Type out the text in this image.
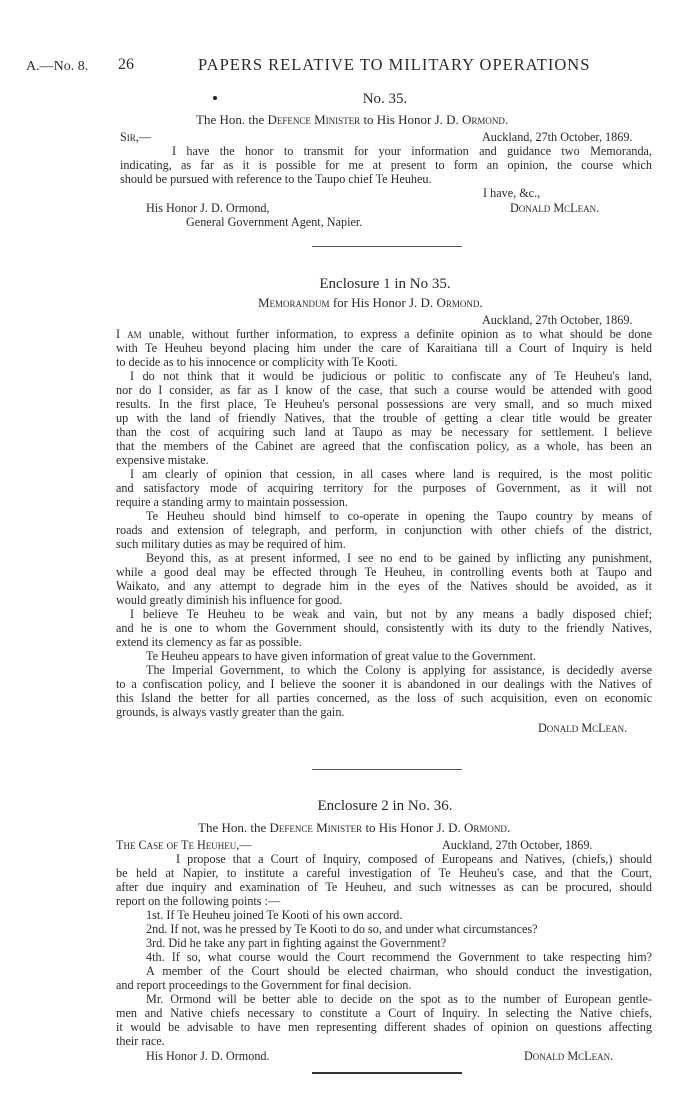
A.—No. 8. 26	PAPERS RELATIVE TO MILITARY OPERATIONS
No. 35.
The Hon. the Defence Minister to His Honor J. D. Ormond.
Sir,—	Auckland, 27th October, 1869.
I have the honor to transmit for your information and guidance two Memoranda,
indicating, as far as it is possible for me at present to form an opinion, the course which
should be pursued with reference to the Taupo chief Te Heuheu.
I have, &c.,
His Honor J. D. Ormond,	Donald McLean.
General Government Agent, Napier.
Enclosure 1 in No 35.
Memorandum for His Honor J. D. Ormond.
Auckland, 27th October, 1869.
I am unable, without further information, to express a definite opinion as to what should be done
with Te Heuheu beyond placing him under the care of Karaitiana till a Court of Inquiry is held
to decide as to his innocence or complicity with Te Kooti.
I do not think that it would be judicious or politic to confiscate any of Te Heuheu's land,
nor do I consider, as far as I know of the case, that such a course would be attended with good
results. In the first place, Te Heuheu's personal possessions are very small, and so much mixed
up with the land of friendly Natives, that the trouble of getting a clear title would be greater
than the cost of acquiring such land at Taupo as may be necessary for settlement. I believe
that the members of the Cabinet are agreed that the confiscation policy, as a whole, has been an
expensive mistake.
I am clearly of opinion that cession, in all cases where land is required, is the most politic
and satisfactory mode of acquiring territory for the purposes of Government, as it will not
require a standing army to maintain possession.
Te Heuheu should bind himself to co-operate in opening the Taupo country by means of
roads and extension of telegraph, and perform, in conjunction with other chiefs of the district,
such military duties as may be required of him.
Beyond this, as at present informed, I see no end to be gained by inflicting any punishment,
while a good deal may be effected through Te Heuheu, in controlling events both at Taupo and
Waikato, and any attempt to degrade him in the eyes of the Natives should be avoided, as it
would greatly diminish his influence for good.
I believe Te Heuheu to be weak and vain, but not by any means a badly disposed chief;
and he is one to whom the Government should, consistently with its duty to the friendly Natives,
extend its clemency as far as possible.
Te Heuheu appears to have given information of great value to the Government.
The Imperial Government, to which the Colony is applying for assistance, is decidedly averse
to a confiscation policy, and I believe the sooner it is abandoned in our dealings with the Natives of
this Island the better for all parties concerned, as the loss of such acquisition, even on economic
grounds, is always vastly greater than the gain.
Donald McLean.
Enclosure 2 in No. 36.
The Hon. the Defence Minister to His Honor J. D. Ormond.
The Case of Te Heuheu,—	Auckland, 27th October, 1869.
I propose that a Court of Inquiry, composed of Europeans and Natives, (chiefs,) should
be held at Napier, to institute a careful investigation of Te Heuheu's case, and that the Court,
after due inquiry and examination of Te Heuheu, and such witnesses as can be procured, should
report on the following points :—
1st. If Te Heuheu joined Te Kooti of his own accord.
2nd. If not, was he pressed by Te Kooti to do so, and under what circumstances?
3rd. Did he take any part in fighting against the Government?
4th. If so, what course would the Court recommend the Government to take respecting him?
A member of the Court should be elected chairman, who should conduct the investigation,
and report proceedings to the Government for final decision.
Mr. Ormond will be better able to decide on the spot as to the number of European gentle-
men and Native chiefs necessary to constitute a Court of Inquiry. In selecting the Native chiefs,
it would be advisable to have men representing different shades of opinion on questions affecting
their race.
His Honor J. D. Ormond.	Donald McLean.
